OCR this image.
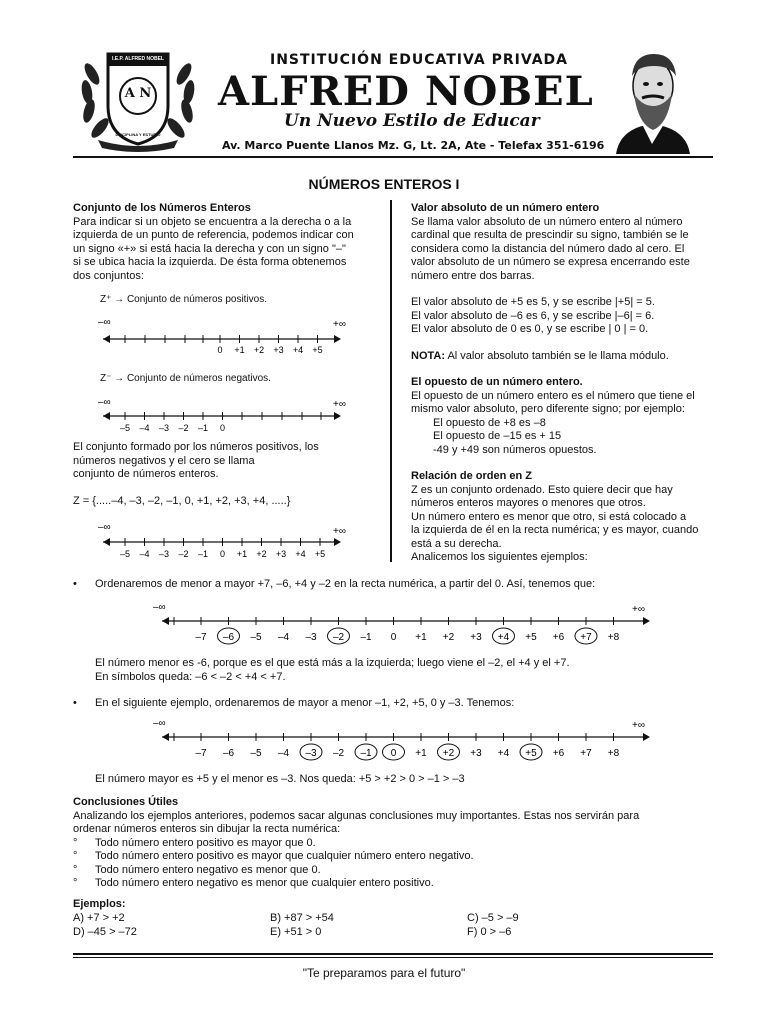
I.E.P. ALFRED NOBEL
A N
DISCIPLINA Y ESTUDIO
INSTITUCIÓN EDUCATIVA PRIVADA
ALFRED NOBEL
Un Nuevo Estilo de Educar
Av. Marco Puente Llanos Mz. G, Lt. 2A, Ate - Telefax 351-6196
NÚMEROS ENTEROS I

Conjunto de los Números Enteros

Para indicar si un objeto se encuentra a la derecha o a la

izquierda de un punto de referencia, podemos indicar con

un signo «+» si está hacia la derecha y con un signo "–"

si se ubica hacia la izquierda. De ésta forma obtenemos

dos conjuntos:

Z⁺ → Conjunto de números positivos.
–∞	+∞
0 +1 +2 +3 +4 +5
Z⁻ → Conjunto de números negativos.
–∞	+∞
–5 –4 –3 –2 –1 0

El conjunto formado por los números positivos, los

números negativos y el cero se llama

conjunto de números enteros.

Z = {.....–4, –3, –2, –1, 0, +1, +2, +3, +4, .....}
–∞	+∞
–5 –4 –3 –2 –1 0 +1 +2 +3 +4 +5

Valor absoluto de un número entero

Se llama valor absoluto de un número entero al número

cardinal que resulta de prescindir su signo, también se le

considera como la distancia del número dado al cero. El

valor absoluto de un número se expresa encerrando este

número entre dos barras.

El valor absoluto de +5 es 5, y se escribe |+5| = 5.

El valor absoluto de –6 es 6, y se escribe |–6| = 6.

El valor absoluto de 0 es 0, y se escribe | 0 | = 0.

NOTA: Al valor absoluto también se le llama módulo.

El opuesto de un número entero.

El opuesto de un número entero es el número que tiene el

mismo valor absoluto, pero diferente signo; por ejemplo:

El opuesto de +8 es –8

El opuesto de –15 es + 15

-49 y +49 son números opuestos.

Relación de orden en Z

Z es un conjunto ordenado. Esto quiere decir que hay

números enteros mayores o menores que otros.

Un número entero es menor que otro, si está colocado a

la izquierda de él en la recta numérica; y es mayor, cuando

está a su derecha.

Analicemos los siguientes ejemplos:

• Ordenaremos de menor a mayor +7, –6, +4 y –2 en la recta numérica, a partir del 0. Así, tenemos que:
–∞	+∞
–7 –6 –5 –4 –3 –2 –1 0 +1 +2 +3 +4 +5 +6 +7 +8
El número menor es -6, porque es el que está más a la izquierda; luego viene el –2, el +4 y el +7.
En símbolos queda: –6 < –2 < +4 < +7.
• En el siguiente ejemplo, ordenaremos de mayor a menor –1, +2, +5, 0 y –3. Tenemos:
–∞	+∞
–7 –6 –5 –4 –3 –2 –1 0 +1 +2 +3 +4 +5 +6 +7 +8
El número mayor es +5 y el menor es –3. Nos queda: +5 > +2 > 0 > –1 > –3

Conclusiones Útiles

Analizando los ejemplos anteriores, podemos sacar algunas conclusiones muy importantes. Estas nos servirán para

ordenar números enteros sin dibujar la recta numérica:

° Todo número entero positivo es mayor que 0.

° Todo número entero positivo es mayor que cualquier número entero negativo.

° Todo número entero negativo es menor que 0.

° Todo número entero negativo es menor que cualquier entero positivo.

Ejemplos:
A) +7 > +2	B) +87 > +54	C) –5 > –9
D) –45 > –72	E) +51 > 0	F) 0 > –6
"Te preparamos para el futuro"
